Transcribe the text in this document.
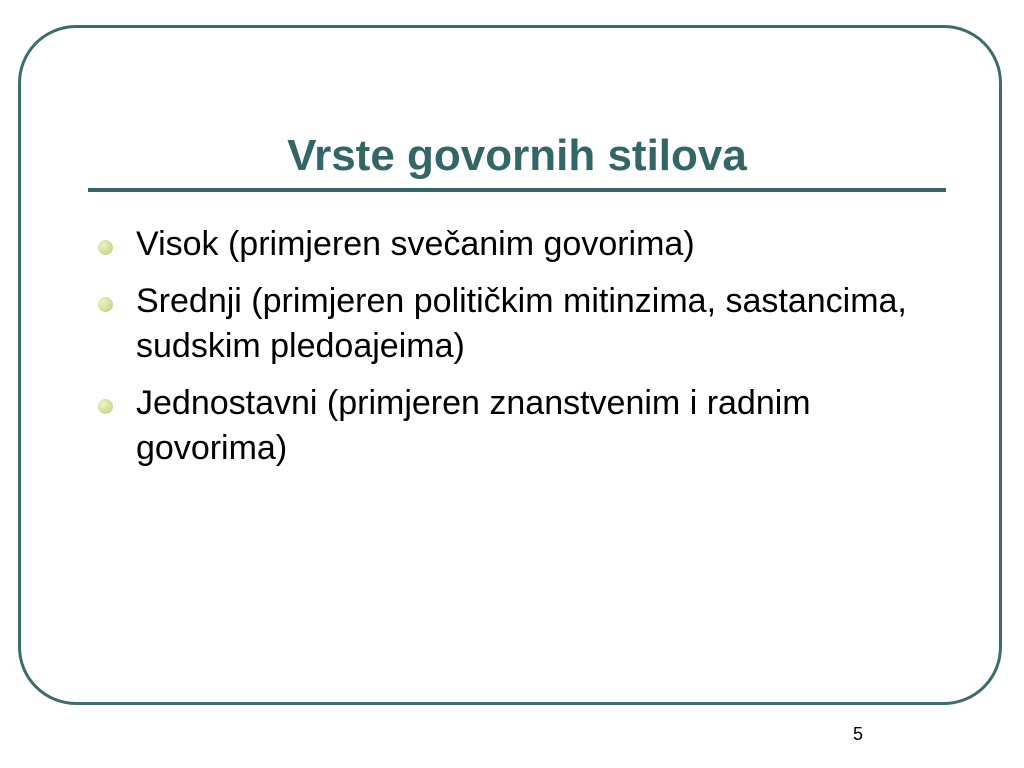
Vrste govornih stilova
Visok (primjeren svečanim govorima)
Srednji (primjeren političkim mitinzima, sastancima, sudskim pledoajeima)
Jednostavni (primjeren znanstvenim i radnim govorima)
5
